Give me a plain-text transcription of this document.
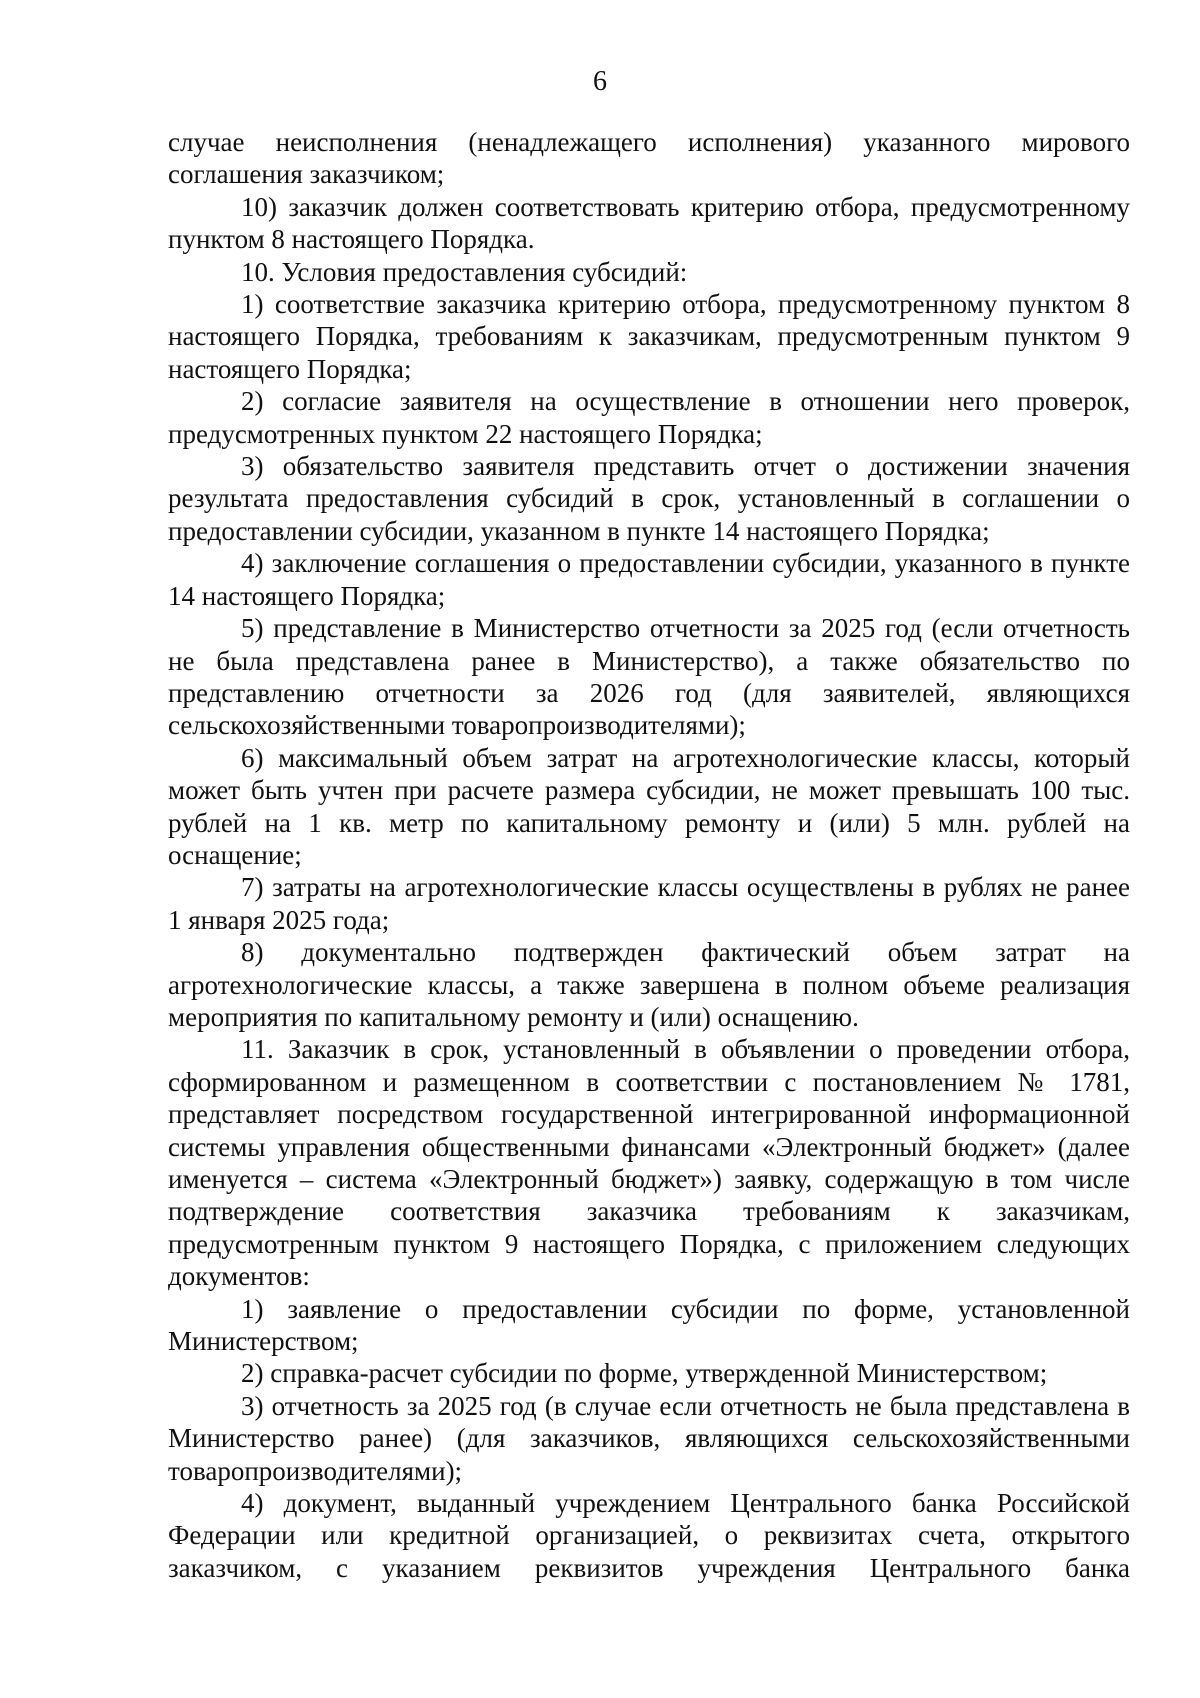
6

случае неисполнения (ненадлежащего исполнения) указанного мирового соглашения заказчиком;

10) заказчик должен соответствовать критерию отбора, предусмотренному пунктом 8 настоящего Порядка.

10. Условия предоставления субсидий:

1) соответствие заказчика критерию отбора, предусмотренному пунктом 8 настоящего Порядка, требованиям к заказчикам, предусмотренным пунктом 9 настоящего Порядка;

2) согласие заявителя на осуществление в отношении него проверок, предусмотренных пунктом 22 настоящего Порядка;

3) обязательство заявителя представить отчет о достижении значения результата предоставления субсидий в срок, установленный в соглашении о предоставлении субсидии, указанном в пункте 14 настоящего Порядка;

4) заключение соглашения о предоставлении субсидии, указанного в пункте 14 настоящего Порядка;

5) представление в Министерство отчетности за 2025 год (если отчетность не была представлена ранее в Министерство), а также обязательство по представлению отчетности за 2026 год (для заявителей, являющихся сельскохозяйственными товаропроизводителями);

6) максимальный объем затрат на агротехнологические классы, который может быть учтен при расчете размера субсидии, не может превышать 100 тыс. рублей на 1 кв. метр по капитальному ремонту и (или) 5 млн. рублей на оснащение;

7) затраты на агротехнологические классы осуществлены в рублях не ранее 1 января 2025 года;

8) документально подтвержден фактический объем затрат на агротехнологические классы, а также завершена в полном объеме реализация мероприятия по капитальному ремонту и (или) оснащению.

11. Заказчик в срок, установленный в объявлении о проведении отбора, сформированном и размещенном в соответствии с постановлением № 1781, представляет посредством государственной интегрированной информационной системы управления общественными финансами «Электронный бюджет» (далее именуется – система «Электронный бюджет») заявку, содержащую в том числе подтверждение соответствия заказчика требованиям к заказчикам, предусмотренным пунктом 9 настоящего Порядка, с приложением следующих документов:

1) заявление о предоставлении субсидии по форме, установленной Министерством;

2) справка-расчет субсидии по форме, утвержденной Министерством;

3) отчетность за 2025 год (в случае если отчетность не была представлена в Министерство ранее) (для заказчиков, являющихся сельскохозяйственными товаропроизводителями);

4) документ, выданный учреждением Центрального банка Российской Федерации или кредитной организацией, о реквизитах счета, открытого заказчиком, с указанием реквизитов учреждения Центрального банка
